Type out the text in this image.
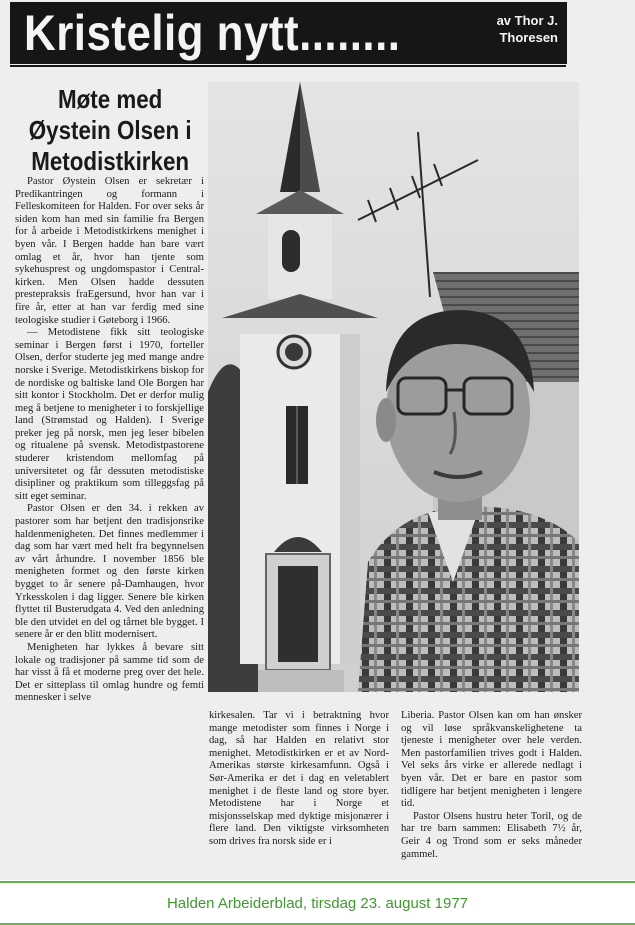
Kristelig nytt........	av Thor J.
Thoresen
Møte med
Øystein Olsen i
Metodistkirken

Pastor Øystein Olsen er sekretær i Predikantringen og formann i Felleskomiteen for Halden. For over seks år siden kom han med sin familie fra Bergen for å arbeide i Metodistkirkens menighet i byen vår. I Bergen hadde han bare vært omlag et år, hvor han tjente som sykehusprest og ungdomspastor i Central-kirken. Men Olsen hadde dessuten prestepraksis fraEgersund, hvor han var i fire år, etter at han var ferdig med sine teologiske studier i Gøteborg i 1966.

— Metodistene fikk sitt teologiske seminar i Bergen først i 1970, forteller Olsen, derfor studerte jeg med mange andre norske i Sverige. Metodistkirkens biskop for de nordiske og baltiske land Ole Borgen har sitt kontor i Stockholm. Det er derfor mulig meg å betjene to menigheter i to forskjellige land (Strømstad og Halden). I Sverige preker jeg på norsk, men jeg leser bibelen og ritualene på svensk. Metodistpastorene studerer kristendom mellomfag på universitetet og får dessuten metodistiske disipliner og praktikum som tilleggsfag på sitt eget seminar.

Pastor Olsen er den 34. i rekken av pastorer som har betjent den tradisjonsrike haldenmenigheten. Det finnes medlemmer i dag som har vært med helt fra begynnelsen av vårt århundre. I november 1856 ble menigheten formet og den første kirken bygget to år senere på-Damhaugen, hvor Yrkesskolen i dag ligger. Senere ble kirken flyttet til Busterudgata 4. Ved den anledning ble den utvidet en del og tårnet ble bygget. I senere år er den blitt modernisert.

Menigheten har lykkes å bevare sitt lokale og tradisjoner på samme tid som de har visst å få et moderne preg over det hele. Det er sitteplass til omlag hundre og femti mennesker i selve

kirkesalen. Tar vi i betraktning hvor mange metodister som finnes i Norge i dag, så har Halden en relativt stor menighet. Metodistkirken er et av Nord-Amerikas største kirkesamfunn. Også i Sør-Amerika er det i dag en veletablert menighet i de fleste land og store byer. Metodistene har i Norge et misjonsselskap med dyktige misjonærer i flere land. Den viktigste virksomheten som drives fra norsk side er i

Liberia. Pastor Olsen kan om han ønsker og vil løse språkvanskelighetene ta tjeneste i menigheter over hele verden. Men pastorfamilien trives godt i Halden. Vel seks års virke er allerede nedlagt i byen vår. Det er bare en pastor som tidligere har betjent menigheten i lengere tid.

Pastor Olsens hustru heter Toril, og de har tre barn sammen: Elisabeth 7½ år, Geir 4 og Trond som er seks måneder gammel.

Halden Arbeiderblad, tirsdag 23. august 1977
